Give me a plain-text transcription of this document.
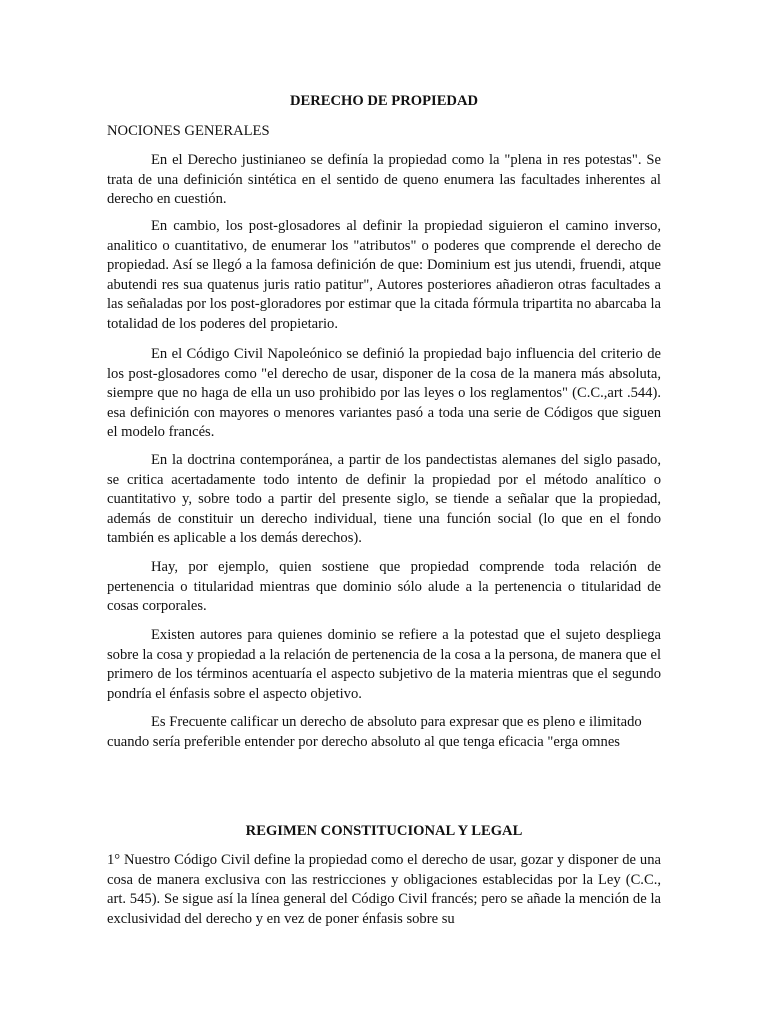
DERECHO DE PROPIEDAD
NOCIONES GENERALES

En el Derecho justinianeo se definía la propiedad como la "plena in res potestas". Se trata de una definición sintética en el sentido de queno enumera las facultades inherentes al derecho en cuestión.

En cambio, los post-glosadores al definir la propiedad siguieron el camino inverso, analitico o cuantitativo, de enumerar los "atributos" o poderes que comprende el derecho de propiedad. Así se llegó a la famosa definición de que: Dominium est jus utendi, fruendi, atque abutendi res sua quatenus juris ratio patitur", Autores posteriores añadieron otras facultades a las señaladas por los post-gloradores por estimar que la citada fórmula tripartita no abarcaba la totalidad de los poderes del propietario.

En el Código Civil Napoleónico se definió la propiedad bajo influencia del criterio de los post-glosadores como "el derecho de usar, disponer de la cosa de la manera más absoluta, siempre que no haga de ella un uso prohibido por las leyes o los reglamentos" (C.C.,art .544). esa definición con mayores o menores variantes pasó a toda una serie de Códigos que siguen el modelo francés.

En la doctrina contemporánea, a partir de los pandectistas alemanes del siglo pasado, se critica acertadamente todo intento de definir la propiedad por el método analítico o cuantitativo y, sobre todo a partir del presente siglo, se tiende a señalar que la propiedad, además de constituir un derecho individual, tiene una función social (lo que en el fondo también es aplicable a los demás derechos).

Hay, por ejemplo, quien sostiene que propiedad comprende toda relación de pertenencia o titularidad mientras que dominio sólo alude a la pertenencia o titularidad de cosas corporales.

Existen autores para quienes dominio se refiere a la potestad que el sujeto despliega sobre la cosa y propiedad a la relación de pertenencia de la cosa a la persona, de manera que el primero de los términos acentuaría el aspecto subjetivo de la materia mientras que el segundo pondría el énfasis sobre el aspecto objetivo.

Es Frecuente calificar un derecho de absoluto para expresar que es pleno e ilimitado cuando sería preferible entender por derecho absoluto al que tenga eficacia "erga omnes

REGIMEN CONSTITUCIONAL Y LEGAL

1° Nuestro Código Civil define la propiedad como el derecho de usar, gozar y disponer de una cosa de manera exclusiva con las restricciones y obligaciones establecidas por la Ley (C.C., art. 545). Se sigue así la línea general del Código Civil francés; pero se añade la mención de la exclusividad del derecho y en vez de poner énfasis sobre su
